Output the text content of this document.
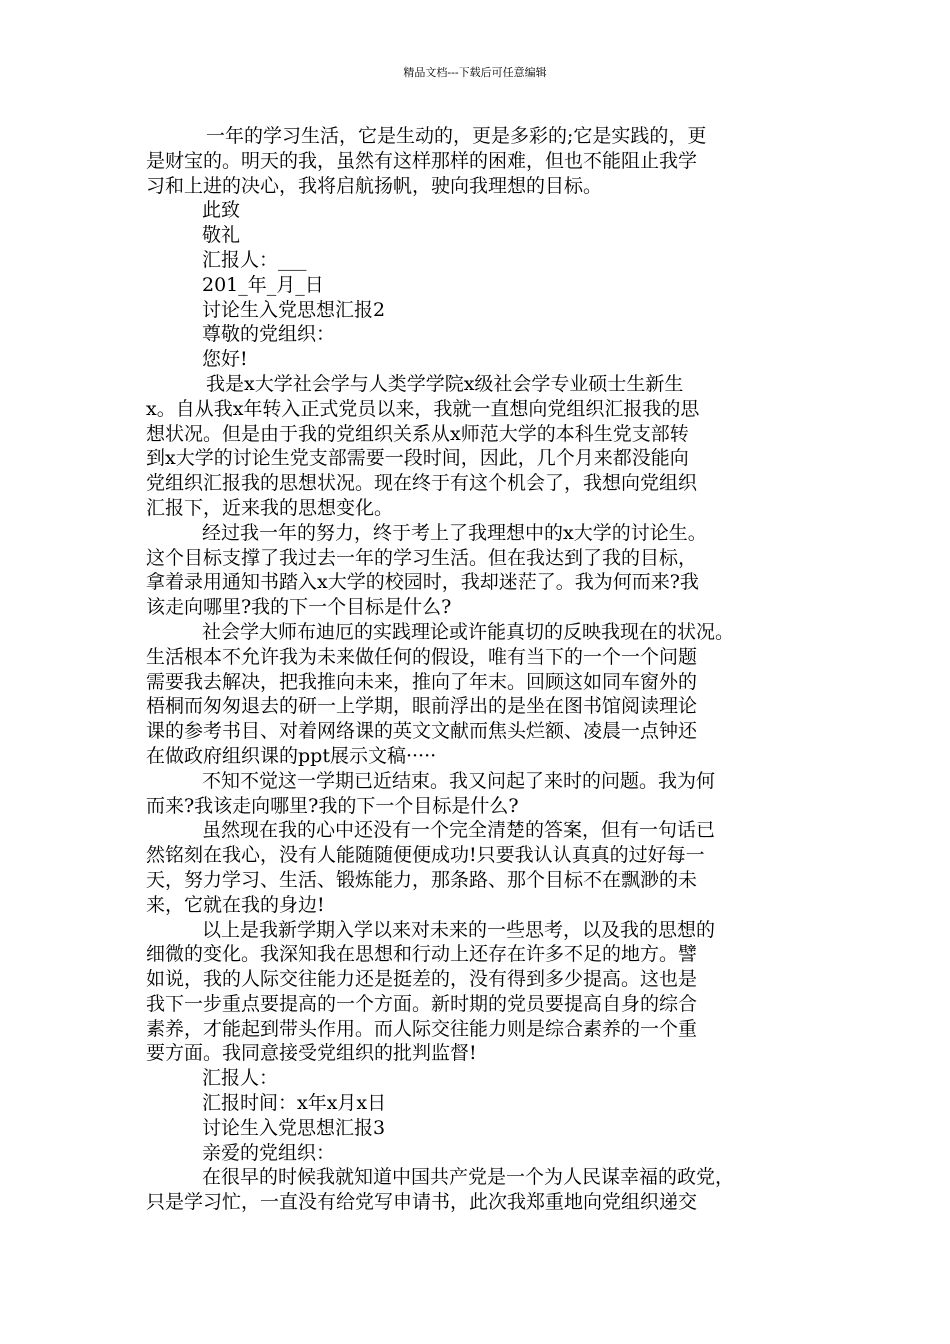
精品文档---下载后可任意编辑
一年的学习生活，它是生动的，更是多彩的;它是实践的，更
是财宝的。明天的我，虽然有这样那样的困难，但也不能阻止我学
习和上进的决心，我将启航扬帆，驶向我理想的目标。
此致
敬礼
汇报人：___
201_年_月_日
讨论生入党思想汇报2
尊敬的党组织：
您好!
我是x大学社会学与人类学学院x级社会学专业硕士生新生
x。自从我x年转入正式党员以来，我就一直想向党组织汇报我的思
想状况。但是由于我的党组织关系从x师范大学的本科生党支部转
到x大学的讨论生党支部需要一段时间，因此，几个月来都没能向
党组织汇报我的思想状况。现在终于有这个机会了，我想向党组织
汇报下，近来我的思想变化。
经过我一年的努力，终于考上了我理想中的x大学的讨论生。
这个目标支撑了我过去一年的学习生活。但在我达到了我的目标，
拿着录用通知书踏入x大学的校园时，我却迷茫了。我为何而来?我
该走向哪里?我的下一个目标是什么?
社会学大师布迪厄的实践理论或许能真切的反映我现在的状况。
生活根本不允许我为未来做任何的假设，唯有当下的一个一个问题
需要我去解决，把我推向未来，推向了年末。回顾这如同车窗外的
梧桐而匆匆退去的研一上学期，眼前浮出的是坐在图书馆阅读理论
课的参考书目、对着网络课的英文文献而焦头烂额、凌晨一点钟还
在做政府组织课的ppt展示文稿·····
不知不觉这一学期已近结束。我又问起了来时的问题。我为何
而来?我该走向哪里?我的下一个目标是什么?
虽然现在我的心中还没有一个完全清楚的答案，但有一句话已
然铭刻在我心，没有人能随随便便成功!只要我认认真真的过好每一
天，努力学习、生活、锻炼能力，那条路、那个目标不在飘渺的未
来，它就在我的身边!
以上是我新学期入学以来对未来的一些思考，以及我的思想的
细微的变化。我深知我在思想和行动上还存在许多不足的地方。譬
如说，我的人际交往能力还是挺差的，没有得到多少提高。这也是
我下一步重点要提高的一个方面。新时期的党员要提高自身的综合
素养，才能起到带头作用。而人际交往能力则是综合素养的一个重
要方面。我同意接受党组织的批判监督!
汇报人：
汇报时间：x年x月x日
讨论生入党思想汇报3
亲爱的党组织：
在很早的时候我就知道中国共产党是一个为人民谋幸福的政党，
只是学习忙，一直没有给党写申请书，此次我郑重地向党组织递交
